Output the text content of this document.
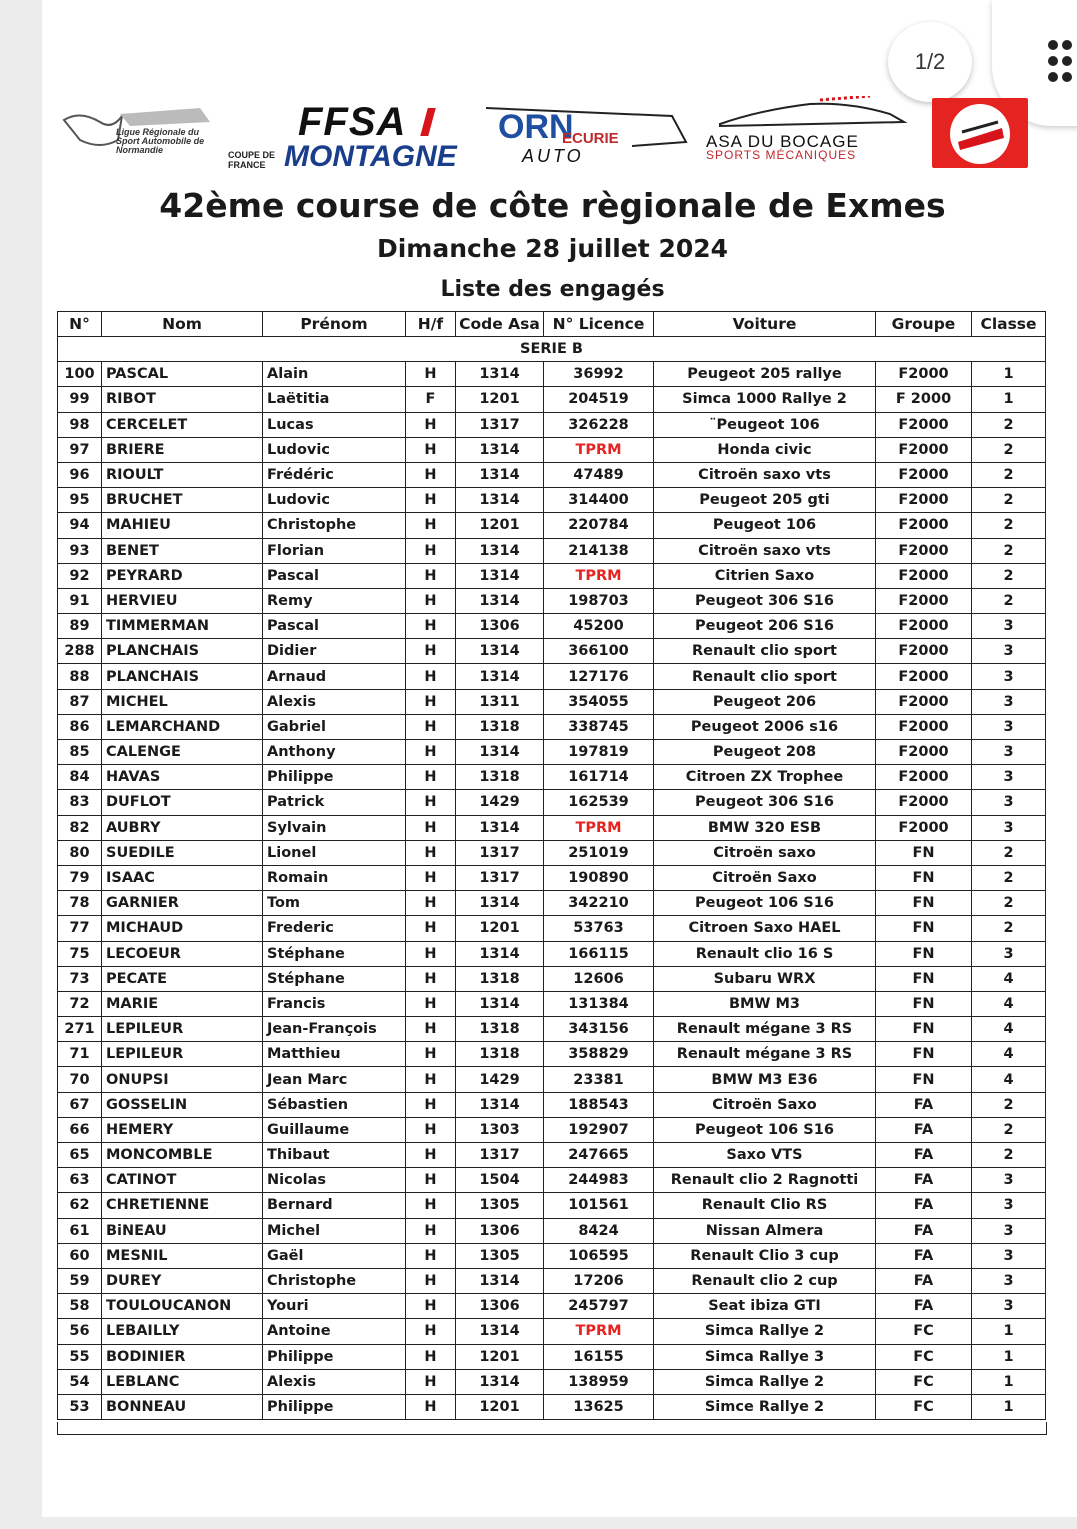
1/2
Ligue Régionale du Sport Automobile de Normandie
FFSA
COUPE DE FRANCE MONTAGNE
ORN
ECURIE
AUTO
ASA DU BOCAGE
SPORTS MÉCANIQUES
42ème course de côte règionale de Exmes
Dimanche 28 juillet 2024
Liste des engagés
N°	Nom	Prénom	H/f	Code Asa	N° Licence	Voiture	Groupe	Classe
SERIE B								
100	PASCAL	Alain	H	1314	36992	Peugeot 205 rallye	F2000	1
99	RIBOT	Laëtitia	F	1201	204519	Simca 1000 Rallye 2	F 2000	1
98	CERCELET	Lucas	H	1317	326228	¨Peugeot 106	F2000	2
97	BRIERE	Ludovic	H	1314	TPRM	Honda civic	F2000	2
96	RIOULT	Frédéric	H	1314	47489	Citroën saxo vts	F2000	2
95	BRUCHET	Ludovic	H	1314	314400	Peugeot 205 gti	F2000	2
94	MAHIEU	Christophe	H	1201	220784	Peugeot 106	F2000	2
93	BENET	Florian	H	1314	214138	Citroën saxo vts	F2000	2
92	PEYRARD	Pascal	H	1314	TPRM	Citrien Saxo	F2000	2
91	HERVIEU	Remy	H	1314	198703	Peugeot 306 S16	F2000	2
89	TIMMERMAN	Pascal	H	1306	45200	Peugeot 206 S16	F2000	3
288	PLANCHAIS	Didier	H	1314	366100	Renault clio sport	F2000	3
88	PLANCHAIS	Arnaud	H	1314	127176	Renault clio sport	F2000	3
87	MICHEL	Alexis	H	1311	354055	Peugeot 206	F2000	3
86	LEMARCHAND	Gabriel	H	1318	338745	Peugeot 2006 s16	F2000	3
85	CALENGE	Anthony	H	1314	197819	Peugeot 208	F2000	3
84	HAVAS	Philippe	H	1318	161714	Citroen ZX Trophee	F2000	3
83	DUFLOT	Patrick	H	1429	162539	Peugeot 306 S16	F2000	3
82	AUBRY	Sylvain	H	1314	TPRM	BMW 320 ESB	F2000	3
80	SUEDILE	Lionel	H	1317	251019	Citroën saxo	FN	2
79	ISAAC	Romain	H	1317	190890	Citroën Saxo	FN	2
78	GARNIER	Tom	H	1314	342210	Peugeot 106 S16	FN	2
77	MICHAUD	Frederic	H	1201	53763	Citroen Saxo HAEL	FN	2
75	LECOEUR	Stéphane	H	1314	166115	Renault clio 16 S	FN	3
73	PECATE	Stéphane	H	1318	12606	Subaru WRX	FN	4
72	MARIE	Francis	H	1314	131384	BMW M3	FN	4
271	LEPILEUR	Jean-François	H	1318	343156	Renault mégane 3 RS	FN	4
71	LEPILEUR	Matthieu	H	1318	358829	Renault mégane 3 RS	FN	4
70	ONUPSI	Jean Marc	H	1429	23381	BMW M3 E36	FN	4
67	GOSSELIN	Sébastien	H	1314	188543	Citroën Saxo	FA	2
66	HEMERY	Guillaume	H	1303	192907	Peugeot 106 S16	FA	2
65	MONCOMBLE	Thibaut	H	1317	247665	Saxo VTS	FA	2
63	CATINOT	Nicolas	H	1504	244983	Renault clio 2 Ragnotti	FA	3
62	CHRETIENNE	Bernard	H	1305	101561	Renault Clio RS	FA	3
61	BiNEAU	Michel	H	1306	8424	Nissan Almera	FA	3
60	MESNIL	Gaël	H	1305	106595	Renault Clio 3 cup	FA	3
59	DUREY	Christophe	H	1314	17206	Renault clio 2 cup	FA	3
58	TOULOUCANON	Youri	H	1306	245797	Seat ibiza GTI	FA	3
56	LEBAILLY	Antoine	H	1314	TPRM	Simca Rallye 2	FC	1
55	BODINIER	Philippe	H	1201	16155	Simca Rallye 3	FC	1
54	LEBLANC	Alexis	H	1314	138959	Simca Rallye 2	FC	1
53	BONNEAU	Philippe	H	1201	13625	Simce Rallye 2	FC	1
